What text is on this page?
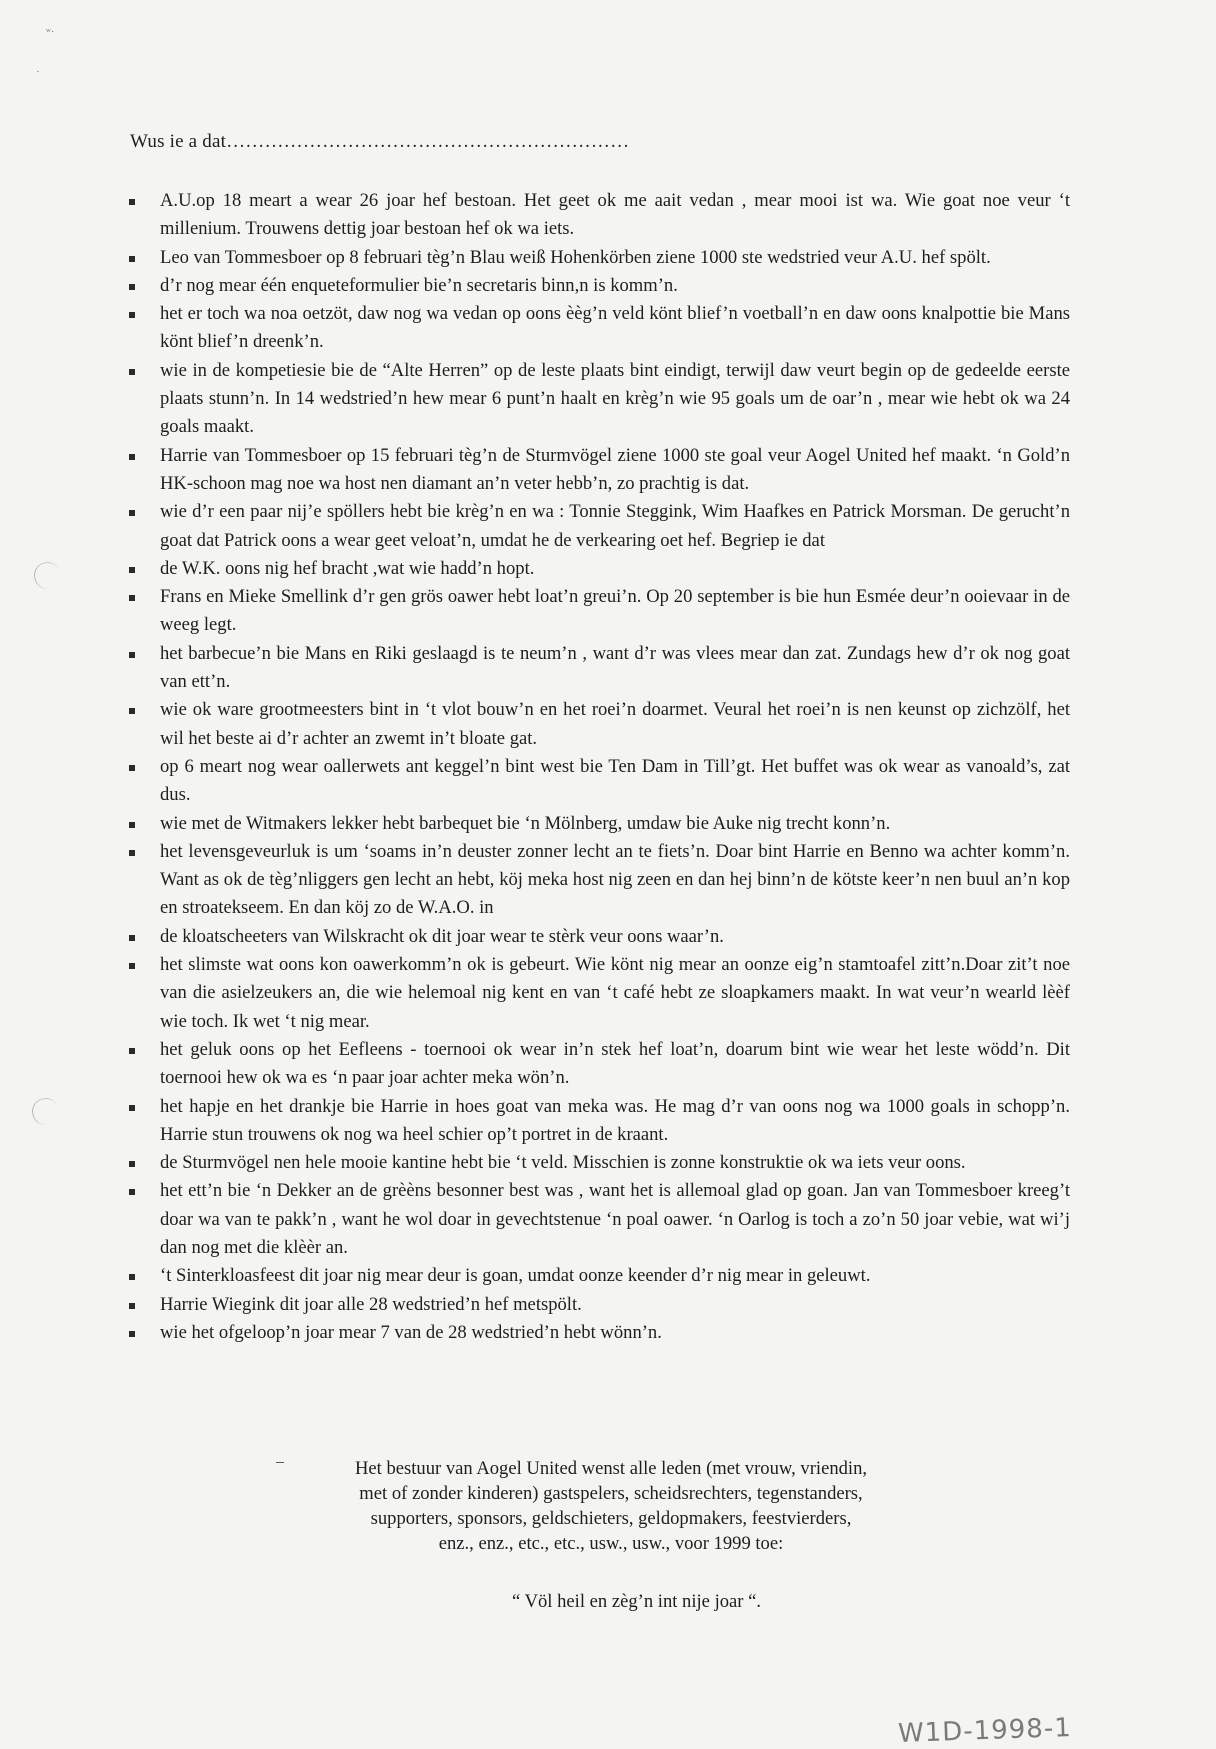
ʷ·
·
Wus ie a dat………………………………………………………
A.U.op 18 meart a wear 26 joar hef bestoan. Het geet ok me aait vedan , mear mooi ist wa. Wie goat noe veur ‘t millenium. Trouwens dettig joar bestoan hef ok wa iets.
Leo van Tommesboer op 8 februari tèg’n Blau weiß Hohenkörben ziene 1000 ste wedstried veur A.U. hef spölt.
d’r nog mear één enqueteformulier bie’n secretaris binn,n is komm’n.
het er toch wa noa oetzöt, daw nog wa vedan op oons èèg’n veld könt blief’n voetball’n en daw oons knalpottie bie Mans könt blief’n dreenk’n.
wie in de kompetiesie bie de “Alte Herren” op de leste plaats bint eindigt, terwijl daw veurt begin op de gedeelde eerste plaats stunn’n. In 14 wedstried’n hew mear 6 punt’n haalt en krèg’n wie 95 goals um de oar’n , mear wie hebt ok wa 24 goals maakt.
Harrie van Tommesboer op 15 februari tèg’n de Sturmvögel ziene 1000 ste goal veur Aogel United hef maakt. ‘n Gold’n HK-schoon mag noe wa host nen diamant an’n veter hebb’n, zo prachtig is dat.
wie d’r een paar nij’e spöllers hebt bie krèg’n en wa : Tonnie Steggink, Wim Haafkes en Patrick Morsman. De gerucht’n goat dat Patrick oons a wear geet veloat’n, umdat he de verkearing oet hef. Begriep ie dat
de W.K. oons nig hef bracht ,wat wie hadd’n hopt.
Frans en Mieke Smellink d’r gen grös oawer hebt loat’n greui’n. Op 20 september is bie hun Esmée deur’n ooievaar in de weeg legt.
het barbecue’n bie Mans en Riki geslaagd is te neum’n , want d’r was vlees mear dan zat. Zundags hew d’r ok nog goat van ett’n.
wie ok ware grootmeesters bint in ‘t vlot bouw’n en het roei’n doarmet. Veural het roei’n is nen keunst op zichzölf, het wil het beste ai d’r achter an zwemt in’t bloate gat.
op 6 meart nog wear oallerwets ant keggel’n bint west bie Ten Dam in Till’gt. Het buffet was ok wear as vanoald’s, zat dus.
wie met de Witmakers lekker hebt barbequet bie ‘n Mölnberg, umdaw bie Auke nig trecht konn’n.
het levensgeveurluk is um ‘soams in’n deuster zonner lecht an te fiets’n. Doar bint Harrie en Benno wa achter komm’n. Want as ok de tèg’nliggers gen lecht an hebt, köj meka host nig zeen en dan hej binn’n de kötste keer’n nen buul an’n kop en stroatekseem. En dan köj zo de W.A.O. in
de kloatscheeters van Wilskracht ok dit joar wear te stèrk veur oons waar’n.
het slimste wat oons kon oawerkomm’n ok is gebeurt. Wie könt nig mear an oonze eig’n stamtoafel zitt’n.Doar zit’t noe van die asielzeukers an, die wie helemoal nig kent en van ‘t café hebt ze sloapkamers maakt. In wat veur’n wearld lèèf wie toch. Ik wet ‘t nig mear.
het geluk oons op het Eefleens - toernooi ok wear in’n stek hef loat’n, doarum bint wie wear het leste wödd’n. Dit toernooi hew ok wa es ‘n paar joar achter meka wön’n.
het hapje en het drankje bie Harrie in hoes goat van meka was. He mag d’r van oons nog wa 1000 goals in schopp’n. Harrie stun trouwens ok nog wa heel schier op’t portret in de kraant.
de Sturmvögel nen hele mooie kantine hebt bie ‘t veld. Misschien is zonne konstruktie ok wa iets veur oons.
het ett’n bie ‘n Dekker an de grèèns besonner best was , want het is allemoal glad op goan. Jan van Tommesboer kreeg’t doar wa van te pakk’n , want he wol doar in gevechtstenue ‘n poal oawer. ‘n Oarlog is toch a zo’n 50 joar vebie, wat wi’j dan nog met die klèèr an.
‘t Sinterkloasfeest dit joar nig mear deur is goan, umdat oonze keender d’r nig mear in geleuwt.
Harrie Wiegink dit joar alle 28 wedstried’n hef metspölt.
wie het ofgeloop’n joar mear 7 van de 28 wedstried’n hebt wönn’n.
Het bestuur van Aogel United wenst alle leden (met vrouw, vriendin,
met of zonder kinderen) gastspelers, scheidsrechters, tegenstanders,
supporters, sponsors, geldschieters, geldopmakers, feestvierders,
enz., enz., etc., etc., usw., usw., voor 1999 toe:
“ Völ heil en zèg’n int nije joar “.
W1D-1998-1
